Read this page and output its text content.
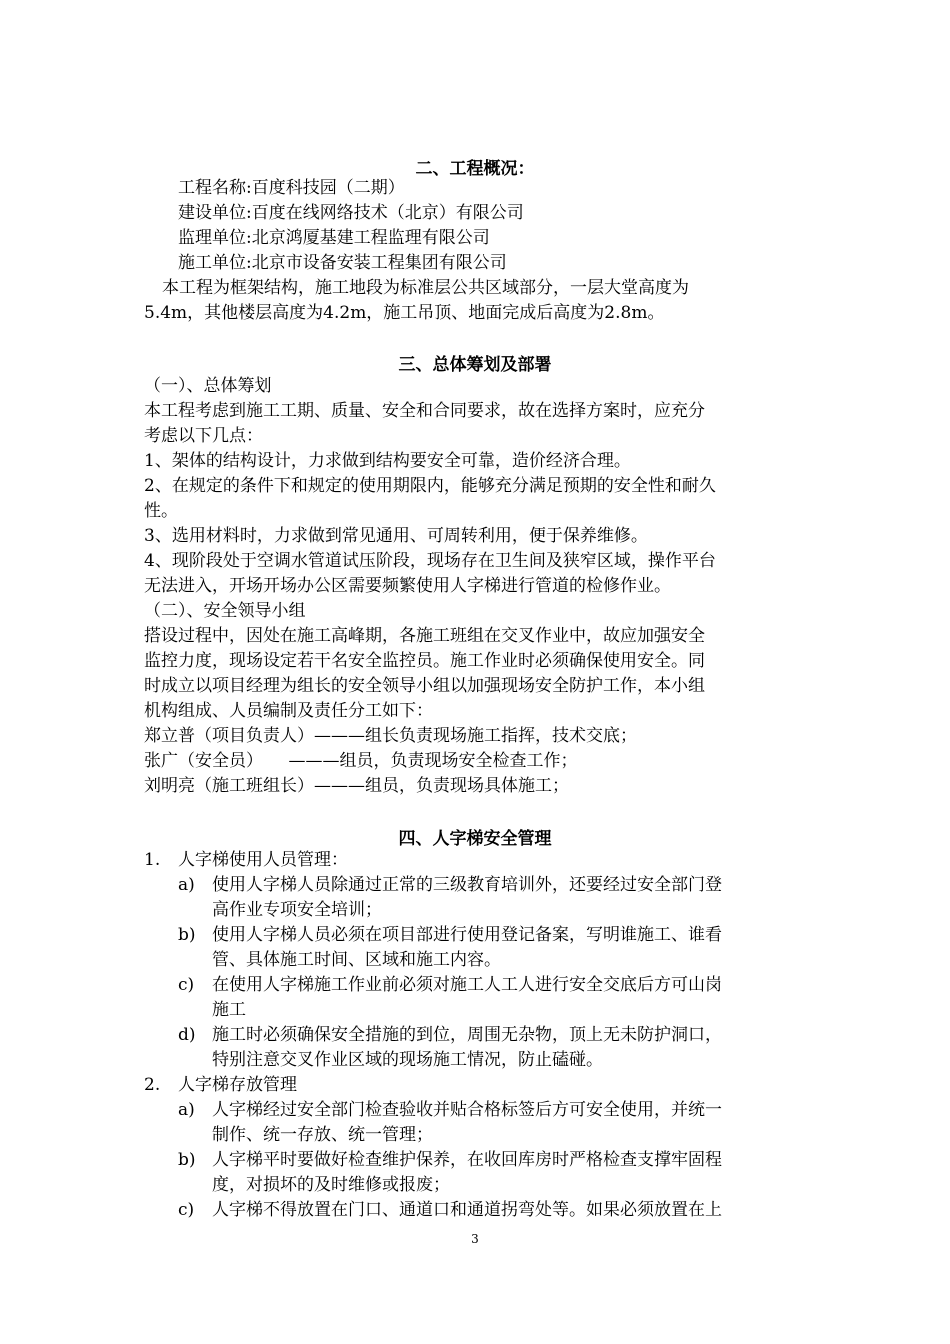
二、工程概况：
工程名称:百度科技园（二期）
建设单位:百度在线网络技术（北京）有限公司
监理单位:北京鸿厦基建工程监理有限公司
施工单位:北京市设备安装工程集团有限公司
本工程为框架结构，施工地段为标准层公共区域部分，一层大堂高度为
5.4m，其他楼层高度为4.2m，施工吊顶、地面完成后高度为2.8m。
三、总体筹划及部署
（一）、总体筹划
本工程考虑到施工工期、质量、安全和合同要求，故在选择方案时，应充分
考虑以下几点：
1、架体的结构设计，力求做到结构要安全可靠，造价经济合理。
2、在规定的条件下和规定的使用期限内，能够充分满足预期的安全性和耐久
性。
3、选用材料时，力求做到常见通用、可周转利用，便于保养维修。
4、现阶段处于空调水管道试压阶段，现场存在卫生间及狭窄区域，操作平台
无法进入，开场开场办公区需要频繁使用人字梯进行管道的检修作业。
（二）、安全领导小组
搭设过程中，因处在施工高峰期，各施工班组在交叉作业中，故应加强安全
监控力度，现场设定若干名安全监控员。施工作业时必须确保使用安全。同
时成立以项目经理为组长的安全领导小组以加强现场安全防护工作，本小组
机构组成、人员编制及责任分工如下：
郑立普（项目负责人）———组长负责现场施工指挥，技术交底；
张广（安全员）　　———组员，负责现场安全检查工作；
刘明亮（施工班组长）———组员，负责现场具体施工；
四、人字梯安全管理
1. 人字梯使用人员管理：
a) 使用人字梯人员除通过正常的三级教育培训外，还要经过安全部门登
高作业专项安全培训；
b) 使用人字梯人员必须在项目部进行使用登记备案，写明谁施工、谁看
管、具体施工时间、区域和施工内容。
c) 在使用人字梯施工作业前必须对施工人工人进行安全交底后方可山岗
施工
d) 施工时必须确保安全措施的到位，周围无杂物，顶上无未防护洞口，
特别注意交叉作业区域的现场施工情况，防止磕碰。
2. 人字梯存放管理
a) 人字梯经过安全部门检查验收并贴合格标签后方可安全使用，并统一
制作、统一存放、统一管理；
b) 人字梯平时要做好检查维护保养，在收回库房时严格检查支撑牢固程
度，对损坏的及时维修或报废；
c) 人字梯不得放置在门口、通道口和通道拐弯处等。如果必须放置在上
3
